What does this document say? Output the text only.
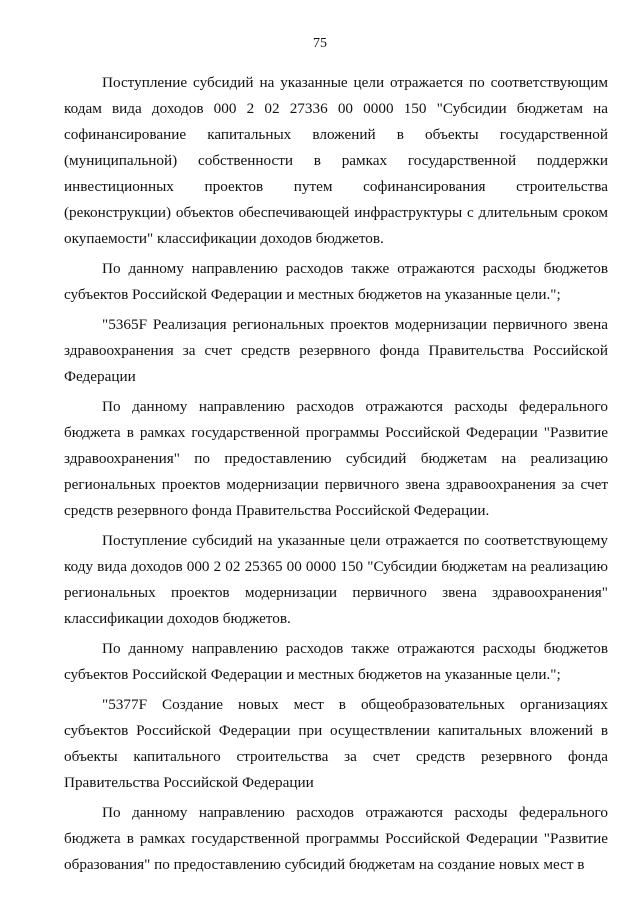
75

Поступление субсидий на указанные цели отражается по соответствующим кодам вида доходов 000 2 02 27336 00 0000 150 "Субсидии бюджетам на софинансирование капитальных вложений в объекты государственной (муниципальной) собственности в рамках государственной поддержки инвестиционных проектов путем софинансирования строительства (реконструкции) объектов обеспечивающей инфраструктуры с длительным сроком окупаемости" классификации доходов бюджетов.

По данному направлению расходов также отражаются расходы бюджетов субъектов Российской Федерации и местных бюджетов на указанные цели.";

"5365F Реализация региональных проектов модернизации первичного звена здравоохранения за счет средств резервного фонда Правительства Российской Федерации

По данному направлению расходов отражаются расходы федерального бюджета в рамках государственной программы Российской Федерации "Развитие здравоохранения" по предоставлению субсидий бюджетам на реализацию региональных проектов модернизации первичного звена здравоохранения за счет средств резервного фонда Правительства Российской Федерации.

Поступление субсидий на указанные цели отражается по соответствующему коду вида доходов 000 2 02 25365 00 0000 150 "Субсидии бюджетам на реализацию региональных проектов модернизации первичного звена здравоохранения" классификации доходов бюджетов.

По данному направлению расходов также отражаются расходы бюджетов субъектов Российской Федерации и местных бюджетов на указанные цели.";

"5377F Создание новых мест в общеобразовательных организациях субъектов Российской Федерации при осуществлении капитальных вложений в объекты капитального строительства за счет средств резервного фонда Правительства Российской Федерации

По данному направлению расходов отражаются расходы федерального бюджета в рамках государственной программы Российской Федерации "Развитие образования" по предоставлению субсидий бюджетам на создание новых мест в
